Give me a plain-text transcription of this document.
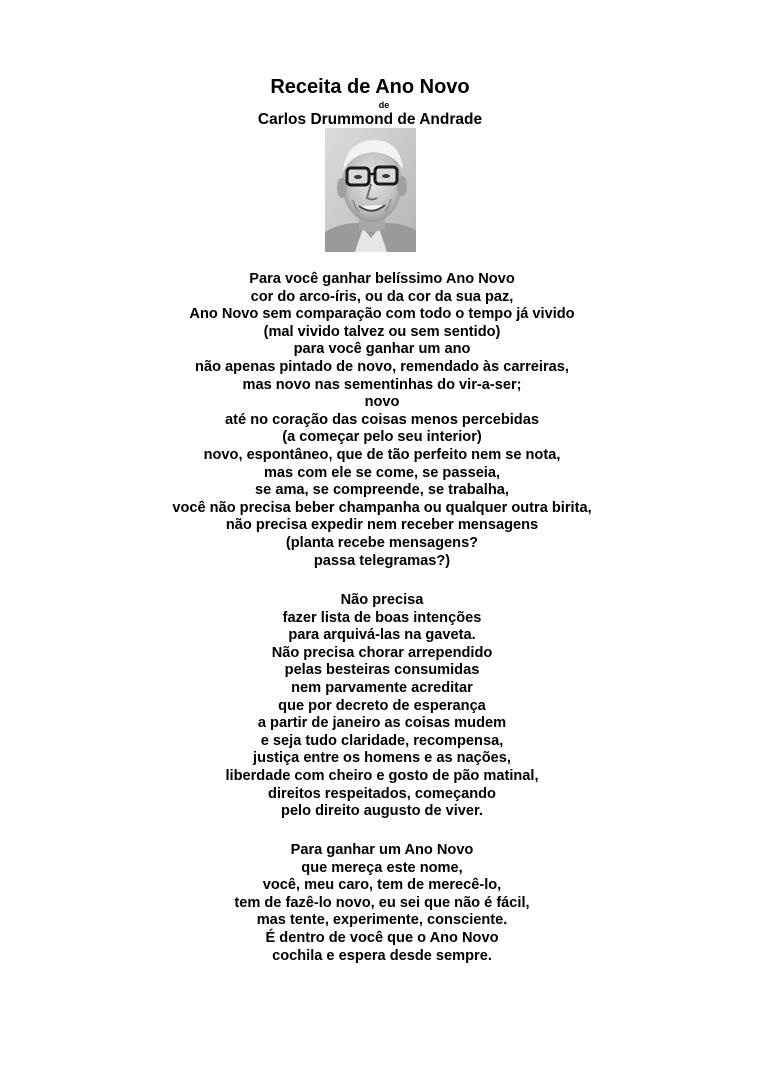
Receita de Ano Novo
de
Carlos Drummond de Andrade
Para você ganhar belíssimo Ano Novo
cor do arco-íris, ou da cor da sua paz,
Ano Novo sem comparação com todo o tempo já vivido
(mal vivido talvez ou sem sentido)
para você ganhar um ano
não apenas pintado de novo, remendado às carreiras,
mas novo nas sementinhas do vir-a-ser;
novo
até no coração das coisas menos percebidas
(a começar pelo seu interior)
novo, espontâneo, que de tão perfeito nem se nota,
mas com ele se come, se passeia,
se ama, se compreende, se trabalha,
você não precisa beber champanha ou qualquer outra birita,
não precisa expedir nem receber mensagens
(planta recebe mensagens?
passa telegramas?)
Não precisa
fazer lista de boas intenções
para arquivá-las na gaveta.
Não precisa chorar arrependido
pelas besteiras consumidas
nem parvamente acreditar
que por decreto de esperança
a partir de janeiro as coisas mudem
e seja tudo claridade, recompensa,
justiça entre os homens e as nações,
liberdade com cheiro e gosto de pão matinal,
direitos respeitados, começando
pelo direito augusto de viver.
Para ganhar um Ano Novo
que mereça este nome,
você, meu caro, tem de merecê-lo,
tem de fazê-lo novo, eu sei que não é fácil,
mas tente, experimente, consciente.
É dentro de você que o Ano Novo
cochila e espera desde sempre.
